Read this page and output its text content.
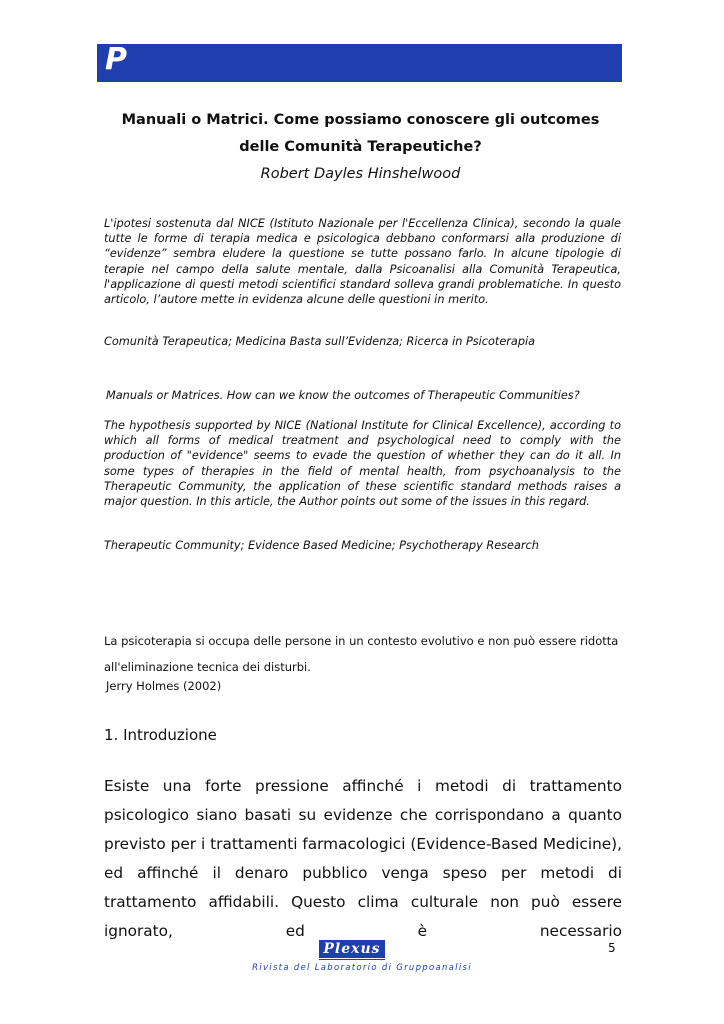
P
Manuali o Matrici. Come possiamo conoscere gli outcomes
delle Comunità Terapeutiche?
Robert Dayles Hinshelwood

L'ipotesi sostenuta dal NICE (Istituto Nazionale per l'Eccellenza Clinica), secondo la quale tutte le forme di terapia medica e psicologica debbano conformarsi alla produzione di “evidenze” sembra eludere la questione se tutte possano farlo. In alcune tipologie di terapie nel campo della salute mentale, dalla Psicoanalisi alla Comunità Terapeutica, l'applicazione di questi metodi scientifici standard solleva grandi problematiche. In questo articolo, l’autore mette in evidenza alcune delle questioni in merito.

Comunità Terapeutica; Medicina Basta sull’Evidenza; Ricerca in Psicoterapia

Manuals or Matrices. How can we know the outcomes of Therapeutic Communities?

The hypothesis supported by NICE (National Institute for Clinical Excellence), according to which all forms of medical treatment and psychological need to comply with the production of "evidence" seems to evade the question of whether they can do it all. In some types of therapies in the field of mental health, from psychoanalysis to the Therapeutic Community, the application of these scientific standard methods raises a major question. In this article, the Author points out some of the issues in this regard.

Therapeutic Community; Evidence Based Medicine; Psychotherapy Research

La psicoterapia si occupa delle persone in un contesto evolutivo e non può essere ridotta all'eliminazione tecnica dei disturbi.
Jerry Holmes (2002)
1. Introduzione

Esiste una forte pressione affinché i metodi di trattamento psicologico siano basati su evidenze che corrispondano a quanto previsto per i trattamenti farmacologici (Evidence-Based Medicine), ed affinché il denaro pubblico venga speso per metodi di trattamento affidabili. Questo clima culturale non può essere ignorato, ed è necessario

Plexus
Rivista del Laboratorio di Gruppoanalisi
5
